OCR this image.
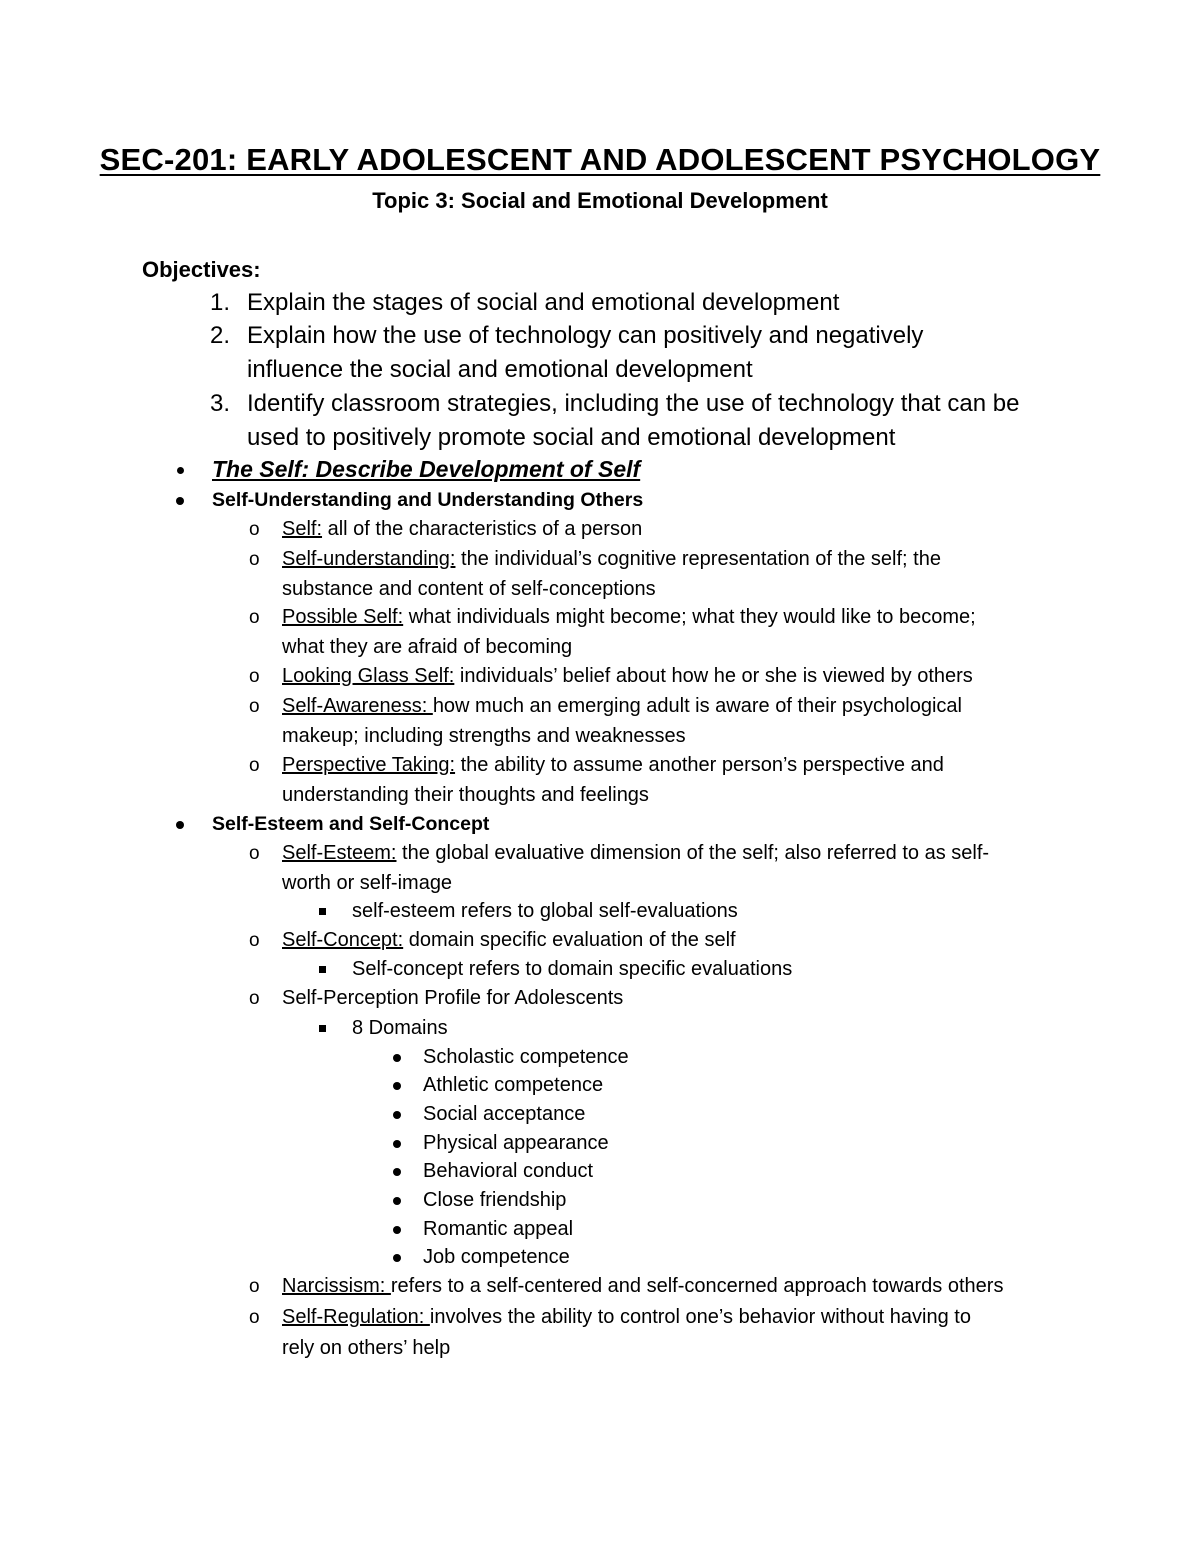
SEC-201: EARLY ADOLESCENT AND ADOLESCENT PSYCHOLOGY
Topic 3: Social and Emotional Development
Objectives:
1. Explain the stages of social and emotional development
2. Explain how the use of technology can positively and negatively
influence the social and emotional development
3. Identify classroom strategies, including the use of technology that can be
used to positively promote social and emotional development
The Self: Describe Development of Self
Self-Understanding and Understanding Others
o Self: all of the characteristics of a person
o Self-understanding: the individual’s cognitive representation of the self; the
substance and content of self-conceptions
o Possible Self: what individuals might become; what they would like to become;
what they are afraid of becoming
o Looking Glass Self: individuals’ belief about how he or she is viewed by others
o Self-Awareness: how much an emerging adult is aware of their psychological
makeup; including strengths and weaknesses
o Perspective Taking: the ability to assume another person’s perspective and
understanding their thoughts and feelings
Self-Esteem and Self-Concept
o Self-Esteem: the global evaluative dimension of the self; also referred to as self-
worth or self-image
self-esteem refers to global self-evaluations
o Self-Concept: domain specific evaluation of the self
Self-concept refers to domain specific evaluations
o Self-Perception Profile for Adolescents
8 Domains
Scholastic competence
Athletic competence
Social acceptance
Physical appearance
Behavioral conduct
Close friendship
Romantic appeal
Job competence
o Narcissism: refers to a self-centered and self-concerned approach towards others
o Self-Regulation: involves the ability to control one’s behavior without having to
rely on others’ help
